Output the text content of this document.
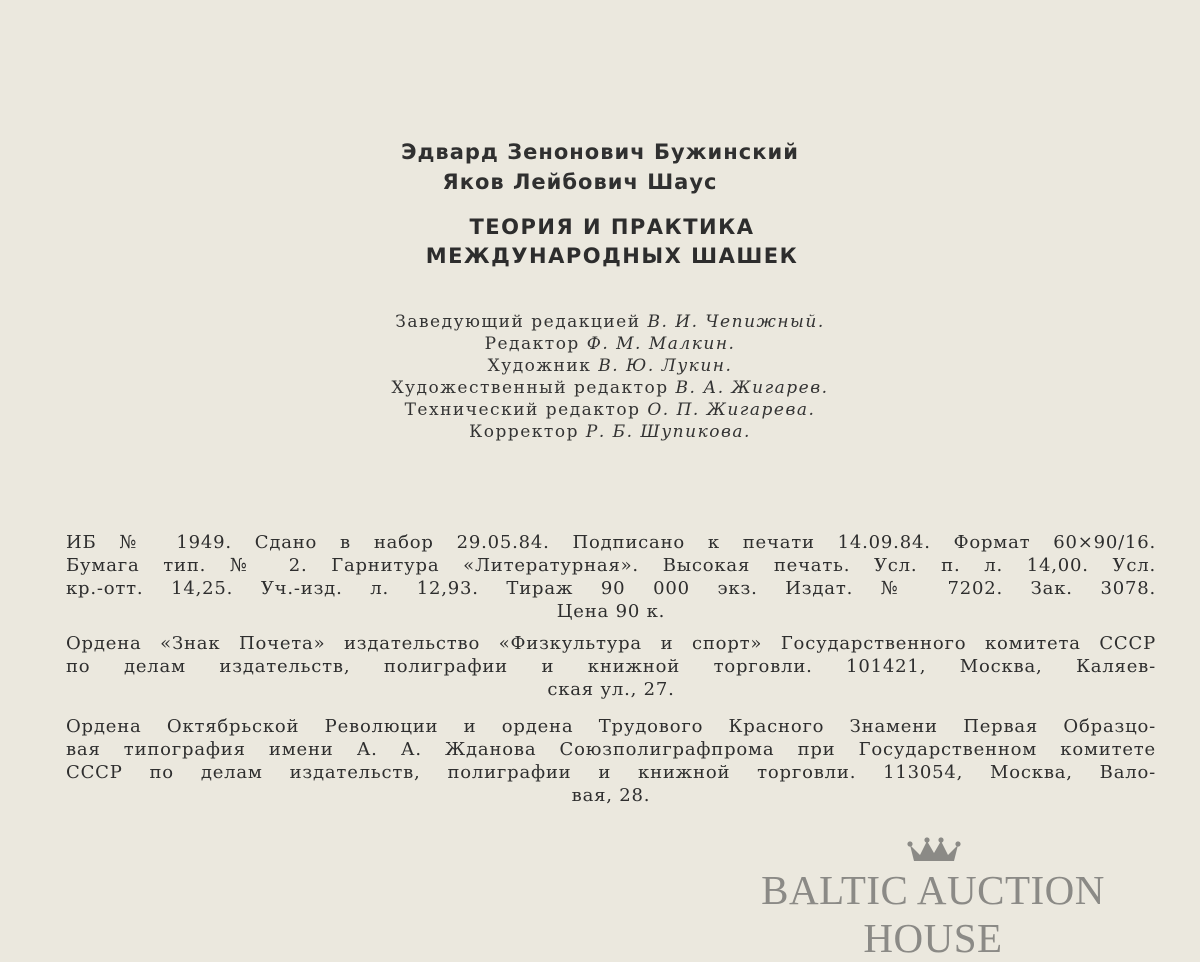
Эдвард Зенонович Бужинский
Яков Лейбович Шаус
ТЕОРИЯ И ПРАКТИКА
МЕЖДУНАРОДНЫХ ШАШЕК
Заведующий редакцией В. И. Чепижный.
Редактор Ф. М. Малкин.
Художник В. Ю. Лукин.
Художественный редактор В. А. Жигарев.
Технический редактор О. П. Жигарева.
Корректор Р. Б. Шупикова.
ИБ № 1949. Сдано в набор 29.05.84. Подписано к печати 14.09.84. Формат 60×90/16.
Бумага тип. № 2. Гарнитура «Литературная». Высокая печать. Усл. п. л. 14,00. Усл.
кр.-отт. 14,25. Уч.-изд. л. 12,93. Тираж 90 000 экз. Издат. № 7202. Зак. 3078.
Цена 90 к.
Ордена «Знак Почета» издательство «Физкультура и спорт» Государственного комитета СССР
по делам издательств, полиграфии и книжной торговли. 101421, Москва, Каляев-
ская ул., 27.
Ордена Октябрьской Революции и ордена Трудового Красного Знамени Первая Образцо-
вая типография имени А. А. Жданова Союзполиграфпрома при Государственном комитете
СССР по делам издательств, полиграфии и книжной торговли. 113054, Москва, Вало-
вая, 28.
BALTIC AUCTION HOUSE
